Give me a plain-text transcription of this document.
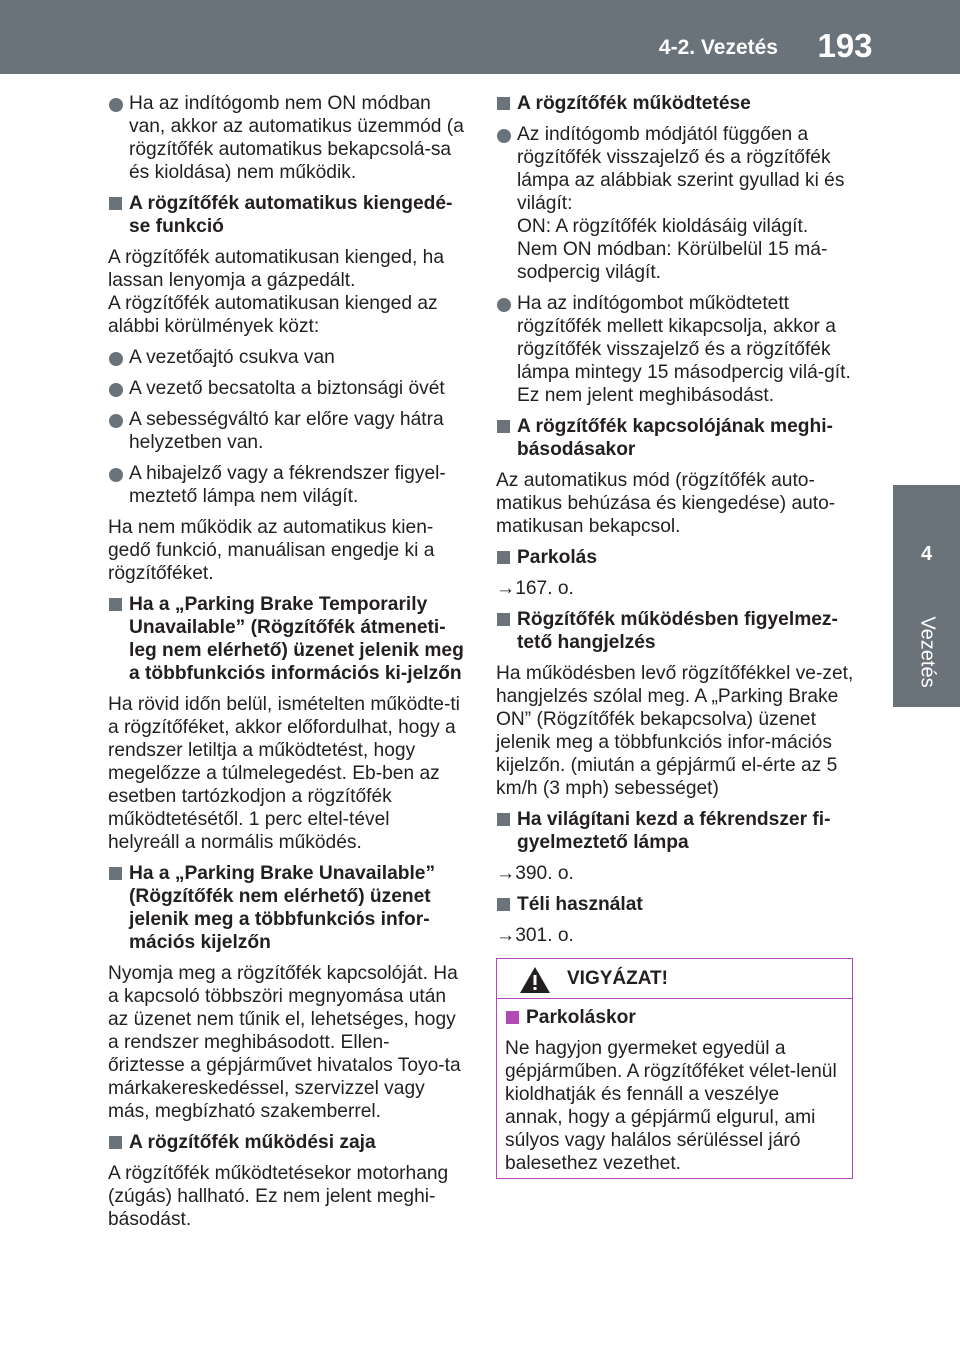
4-2. Vezetés	193
4
Vezetés
Ha az indítógomb nem ON módban van, akkor az automatikus üzemmód (a rögzítőfék automatikus bekapcsolá-sa és kioldása) nem működik.
A rögzítőfék automatikus kiengedé-se funkció
A rögzítőfék automatikusan kienged, ha lassan lenyomja a gázpedált.
A rögzítőfék automatikusan kienged az alábbi körülmények közt:
A vezetőajtó csukva van
A vezető becsatolta a biztonsági övét
A sebességváltó kar előre vagy hátra helyzetben van.
A hibajelző vagy a fékrendszer figyel-meztető lámpa nem világít.
Ha nem működik az automatikus kien-gedő funkció, manuálisan engedje ki a rögzítőféket.
Ha a „Parking Brake Temporarily Unavailable” (Rögzítőfék átmeneti-leg nem elérhető) üzenet jelenik meg a többfunkciós információs ki-jelzőn
Ha rövid időn belül, ismételten működte-ti a rögzítőféket, akkor előfordulhat, hogy a rendszer letiltja a működtetést, hogy megelőzze a túlmelegedést. Eb-ben az esetben tartózkodjon a rögzítőfék működtetésétől. 1 perc eltel-tével helyreáll a normális működés.
Ha a „Parking Brake Unavailable” (Rögzítőfék nem elérhető) üzenet jelenik meg a többfunkciós infor-mációs kijelzőn
Nyomja meg a rögzítőfék kapcsolóját. Ha a kapcsoló többszöri megnyomása után az üzenet nem tűnik el, lehetséges, hogy a rendszer meghibásodott. Ellen-őriztesse a gépjárművet hivatalos Toyo-ta márkakereskedéssel, szervizzel vagy más, megbízható szakemberrel.
A rögzítőfék működési zaja
A rögzítőfék működtetésekor motorhang (zúgás) hallható. Ez nem jelent meghi-básodást.
A rögzítőfék működtetése
Az indítógomb módjától függően a rögzítőfék visszajelző és a rögzítőfék lámpa az alábbiak szerint gyullad ki és világít:
ON: A rögzítőfék kioldásáig világít.
Nem ON módban: Körülbelül 15 má-sodpercig világít.
Ha az indítógombot működtetett rögzítőfék mellett kikapcsolja, akkor a rögzítőfék visszajelző és a rögzítőfék lámpa mintegy 15 másodpercig vilá-gít. Ez nem jelent meghibásodást.
A rögzítőfék kapcsolójának meghi-básodásakor
Az automatikus mód (rögzítőfék auto-matikus behúzása és kiengedése) auto-matikusan bekapcsol.
Parkolás
→167. o.
Rögzítőfék működésben figyelmez-tető hangjelzés
Ha működésben levő rögzítőfékkel ve-zet, hangjelzés szólal meg. A „Parking Brake ON” (Rögzítőfék bekapcsolva) üzenet jelenik meg a többfunkciós infor-mációs kijelzőn. (miután a gépjármű el-érte az 5 km/h (3 mph) sebességet)
Ha világítani kezd a fékrendszer fi-gyelmeztető lámpa
→390. o.
Téli használat
→301. o.
VIGYÁZAT!
Parkoláskor
Ne hagyjon gyermeket egyedül a gépjárműben. A rögzítőféket vélet-lenül kioldhatják és fennáll a veszélye annak, hogy a gépjármű elgurul, ami súlyos vagy halálos sérüléssel járó balesethez vezethet.
